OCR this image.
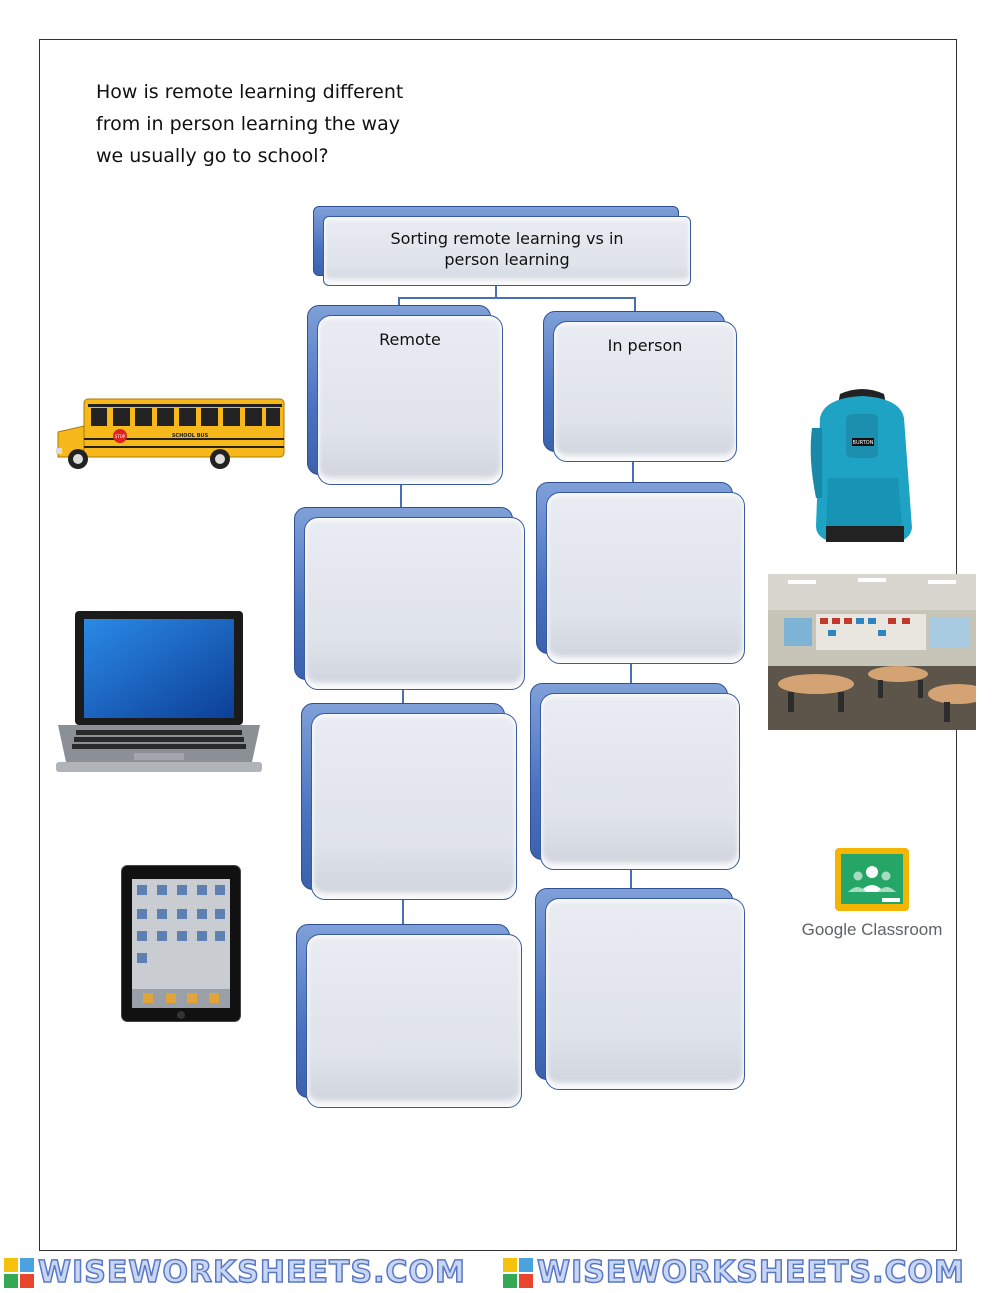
How is remote learning different
from in person learning the way
we usually go to school?
Sorting remote learning vs in person learning
Remote	In person
STOP	SCHOOL BUS
BURTON
Google Classroom
WISEWORKSHEETS.COM WISEWORKSHEETS.COM
